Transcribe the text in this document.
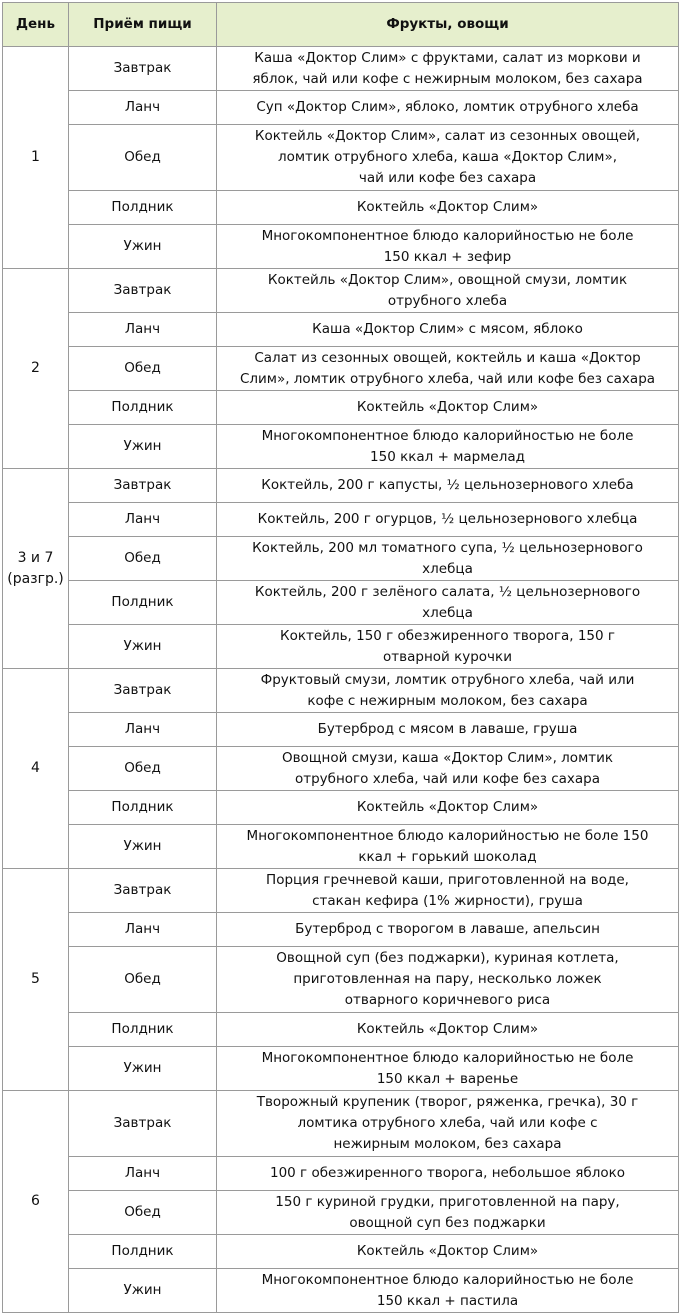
День	Приём пищи	Фрукты, овощи
1	Завтрак	Каша «Доктор Слим» с фруктами, салат из моркови и
яблок, чай или кофе с нежирным молоком, без сахара
	Ланч	Суп «Доктор Слим», яблоко, ломтик отрубного хлеба
	Обед	Коктейль «Доктор Слим», салат из сезонных овощей,
ломтик отрубного хлеба, каша «Доктор Слим»,
чай или кофе без сахара
	Полдник	Коктейль «Доктор Слим»
	Ужин	Многокомпонентное блюдо калорийностью не боле
150 ккал + зефир
2	Завтрак	Коктейль «Доктор Слим», овощной смузи, ломтик
отрубного хлеба
	Ланч	Каша «Доктор Слим» с мясом, яблоко
	Обед	Салат из сезонных овощей, коктейль и каша «Доктор
Слим», ломтик отрубного хлеба, чай или кофе без сахара
	Полдник	Коктейль «Доктор Слим»
	Ужин	Многокомпонентное блюдо калорийностью не боле
150 ккал + мармелад
3 и 7
(разгр.)	Завтрак	Коктейль, 200 г капусты, ½ цельнозернового хлеба
	Ланч	Коктейль, 200 г огурцов, ½ цельнозернового хлебца
	Обед	Коктейль, 200 мл томатного супа, ½ цельнозернового
хлебца
	Полдник	Коктейль, 200 г зелёного салата, ½ цельнозернового
хлебца
	Ужин	Коктейль, 150 г обезжиренного творога, 150 г
отварной курочки
4	Завтрак	Фруктовый смузи, ломтик отрубного хлеба, чай или
кофе с нежирным молоком, без сахара
	Ланч	Бутерброд с мясом в лаваше, груша
	Обед	Овощной смузи, каша «Доктор Слим», ломтик
отрубного хлеба, чай или кофе без сахара
	Полдник	Коктейль «Доктор Слим»
	Ужин	Многокомпонентное блюдо калорийностью не боле 150
ккал + горький шоколад
5	Завтрак	Порция гречневой каши, приготовленной на воде,
стакан кефира (1% жирности), груша
	Ланч	Бутерброд с творогом в лаваше, апельсин
	Обед	Овощной суп (без поджарки), куриная котлета,
приготовленная на пару, несколько ложек
отварного коричневого риса
	Полдник	Коктейль «Доктор Слим»
	Ужин	Многокомпонентное блюдо калорийностью не боле
150 ккал + варенье
6	Завтрак	Творожный крупеник (творог, ряженка, гречка), 30 г
ломтика отрубного хлеба, чай или кофе с
нежирным молоком, без сахара
	Ланч	100 г обезжиренного творога, небольшое яблоко
	Обед	150 г куриной грудки, приготовленной на пару,
овощной суп без поджарки
	Полдник	Коктейль «Доктор Слим»
	Ужин	Многокомпонентное блюдо калорийностью не боле
150 ккал + пастила
